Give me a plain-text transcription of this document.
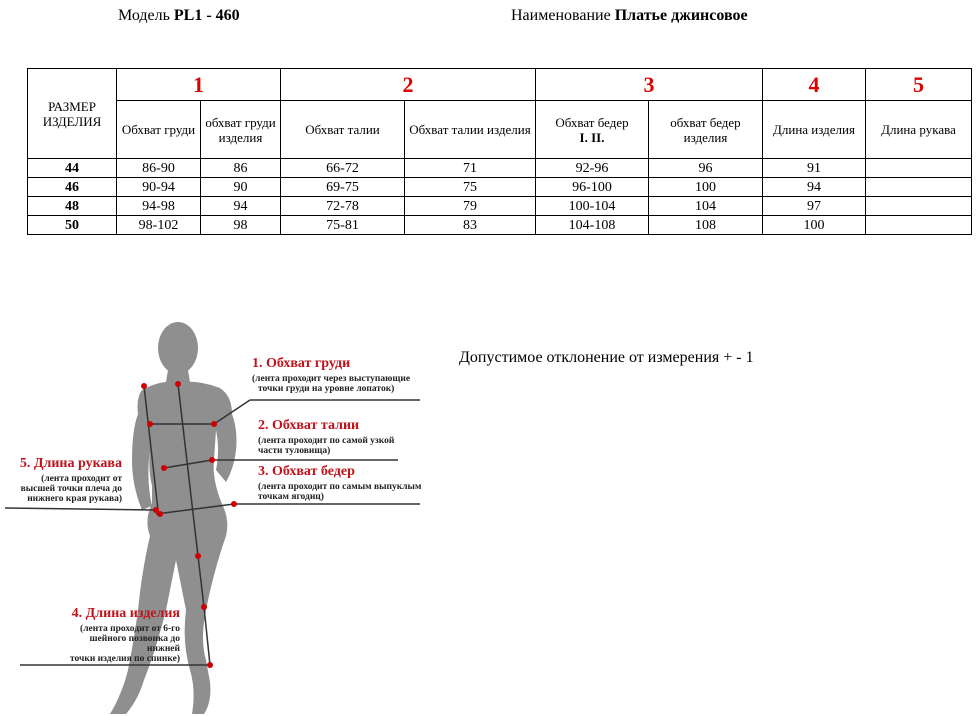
Модель PL1 - 460	Наименование Платье джинсовое
РАЗМЕР ИЗДЕЛИЯ	1		2		3		4	5
	Обхват груди	обхват груди изделия	Обхват талии	Обхват талии изделия	Обхват бедер
I. II.	обхват бедер изделия	Длина изделия	Длина рукава
44	86-90	86	66-72	71	92-96	96	91	
46	90-94	90	69-75	75	96-100	100	94	
48	94-98	94	72-78	79	100-104	104	97	
50	98-102	98	75-81	83	104-108	108	100	
Допустимое отклонение от измерения + - 1
1. Обхват груди
(лента проходит через выступающие
точки груди на уровне лопаток)
2. Обхват талии
(лента проходит по самой узкой
части туловища)
3. Обхват бедер
(лента проходит по самым выпуклым
точкам ягодиц)
4. Длина изделия
(лента проходит от 6-го
шейного позвонка до нижней
точки изделия по спинке)
5. Длина рукава
(лента проходит от
высшей точки плеча до
нижнего края рукава)
